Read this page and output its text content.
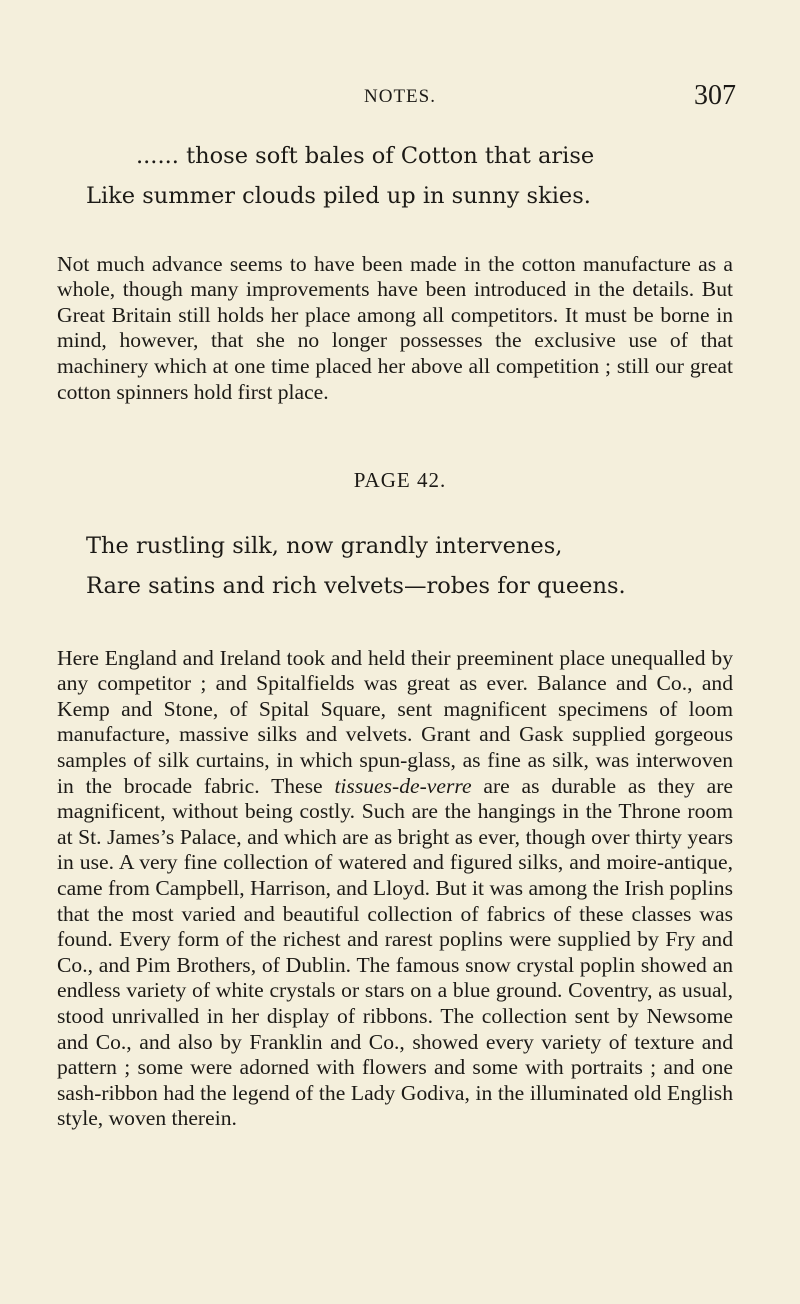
NOTES.	307
...... those soft bales of Cotton that arise
Like summer clouds piled up in sunny skies.

Not much advance seems to have been made in the cotton manufacture as a whole, though many improvements have been introduced in the details. But Great Britain still holds her place among all competitors. It must be borne in mind, however, that she no longer possesses the exclusive use of that machinery which at one time placed her above all competition ; still our great cotton spinners hold first place.

PAGE 42.
The rustling silk, now grandly intervenes,
Rare satins and rich velvets—robes for queens.

Here England and Ireland took and held their preeminent place unequalled by any competitor ; and Spitalfields was great as ever. Balance and Co., and Kemp and Stone, of Spital Square, sent magnificent specimens of loom manufacture, massive silks and velvets. Grant and Gask supplied gorgeous samples of silk curtains, in which spun-glass, as fine as silk, was interwoven in the brocade fabric. These tissues-de-verre are as durable as they are magnificent, without being costly. Such are the hangings in the Throne room at St. James’s Palace, and which are as bright as ever, though over thirty years in use. A very fine collection of watered and figured silks, and moire-antique, came from Campbell, Harrison, and Lloyd. But it was among the Irish poplins that the most varied and beautiful collection of fabrics of these classes was found. Every form of the richest and rarest poplins were supplied by Fry and Co., and Pim Brothers, of Dublin. The famous snow crystal poplin showed an endless variety of white crystals or stars on a blue ground. Coventry, as usual, stood unrivalled in her display of ribbons. The collection sent by Newsome and Co., and also by Franklin and Co., showed every variety of texture and pattern ; some were adorned with flowers and some with portraits ; and one sash-ribbon had the legend of the Lady Godiva, in the illuminated old English style, woven therein.
